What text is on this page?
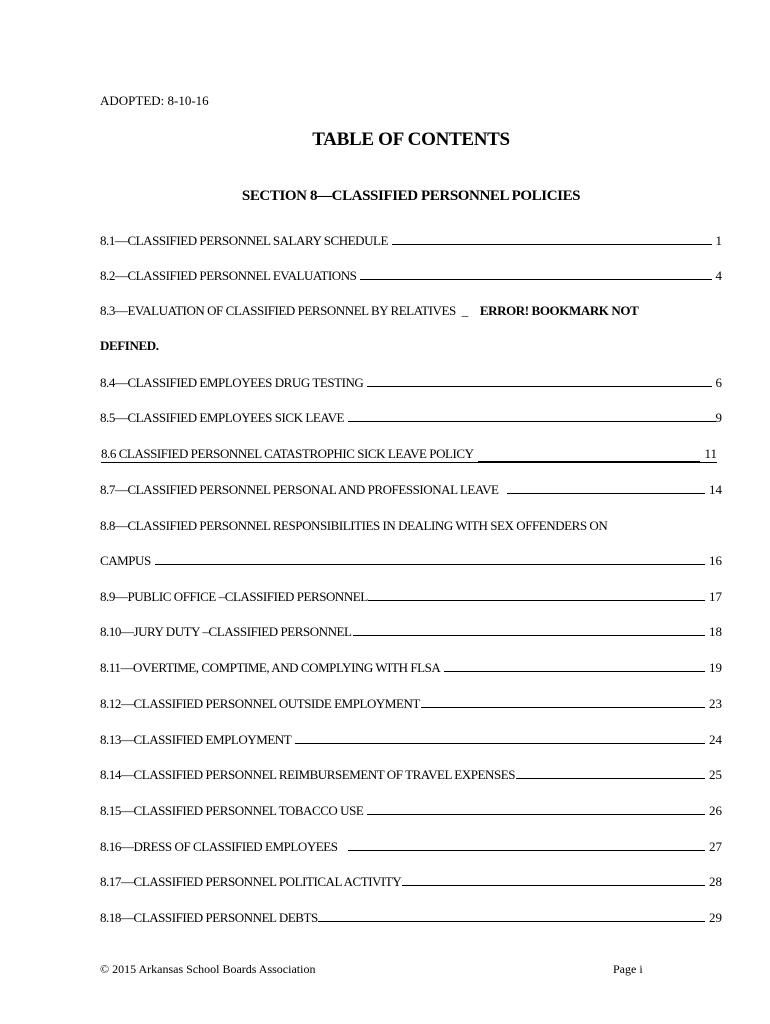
ADOPTED: 8-10-16
TABLE OF CONTENTS
SECTION 8—CLASSIFIED PERSONNEL POLICIES
8.1—CLASSIFIED PERSONNEL SALARY SCHEDULE	1
8.2—CLASSIFIED PERSONNEL EVALUATIONS	4
8.3—EVALUATION OF CLASSIFIED PERSONNEL BY RELATIVES _ ERROR! BOOKMARK NOT
DEFINED.
8.4—CLASSIFIED EMPLOYEES DRUG TESTING	6
8.5—CLASSIFIED EMPLOYEES SICK LEAVE	9
8.6 CLASSIFIED PERSONNEL CATASTROPHIC SICK LEAVE POLICY	11
8.7—CLASSIFIED PERSONNEL PERSONAL AND PROFESSIONAL LEAVE	14
8.8—CLASSIFIED PERSONNEL RESPONSIBILITIES IN DEALING WITH SEX OFFENDERS ON
CAMPUS	16
8.9—PUBLIC OFFICE –CLASSIFIED PERSONNEL	17
8.10—JURY DUTY –CLASSIFIED PERSONNEL	18
8.11—OVERTIME, COMPTIME, AND COMPLYING WITH FLSA	19
8.12—CLASSIFIED PERSONNEL OUTSIDE EMPLOYMENT	23
8.13—CLASSIFIED EMPLOYMENT	24
8.14—CLASSIFIED PERSONNEL REIMBURSEMENT OF TRAVEL EXPENSES	25
8.15—CLASSIFIED PERSONNEL TOBACCO USE	26
8.16—DRESS OF CLASSIFIED EMPLOYEES	27
8.17—CLASSIFIED PERSONNEL POLITICAL ACTIVITY	28
8.18—CLASSIFIED PERSONNEL DEBTS	29
© 2015 Arkansas School Boards Association	Page i
